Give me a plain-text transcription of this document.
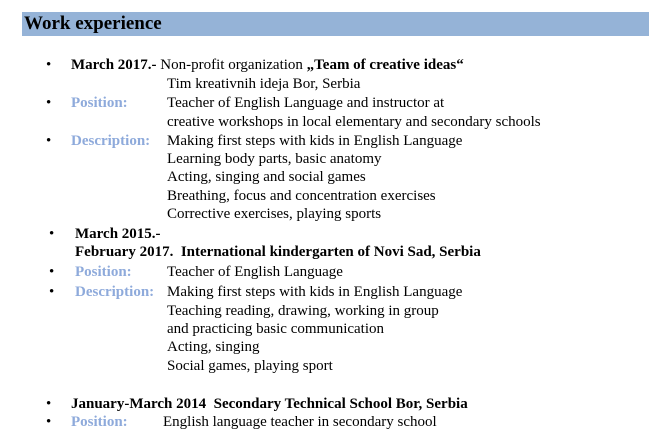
Work experience
• March 2017.- Non-profit organization „Team of creative ideas“
Tim kreativnih ideja Bor, Serbia
• Position:	Teacher of English Language and instructor at
creative workshops in local elementary and secondary schools
• Description: Making first steps with kids in English Language
Learning body parts, basic anatomy
Acting, singing and social games
Breathing, focus and concentration exercises
Corrective exercises, playing sports
• March 2015.-
February 2017. International kindergarten of Novi Sad, Serbia
• Position: Teacher of English Language
• Description: Making first steps with kids in English Language
Teaching reading, drawing, working in group
and practicing basic communication
Acting, singing
Social games, playing sport
• January-March 2014 Secondary Technical School Bor, Serbia
• Position: English language teacher in secondary school
